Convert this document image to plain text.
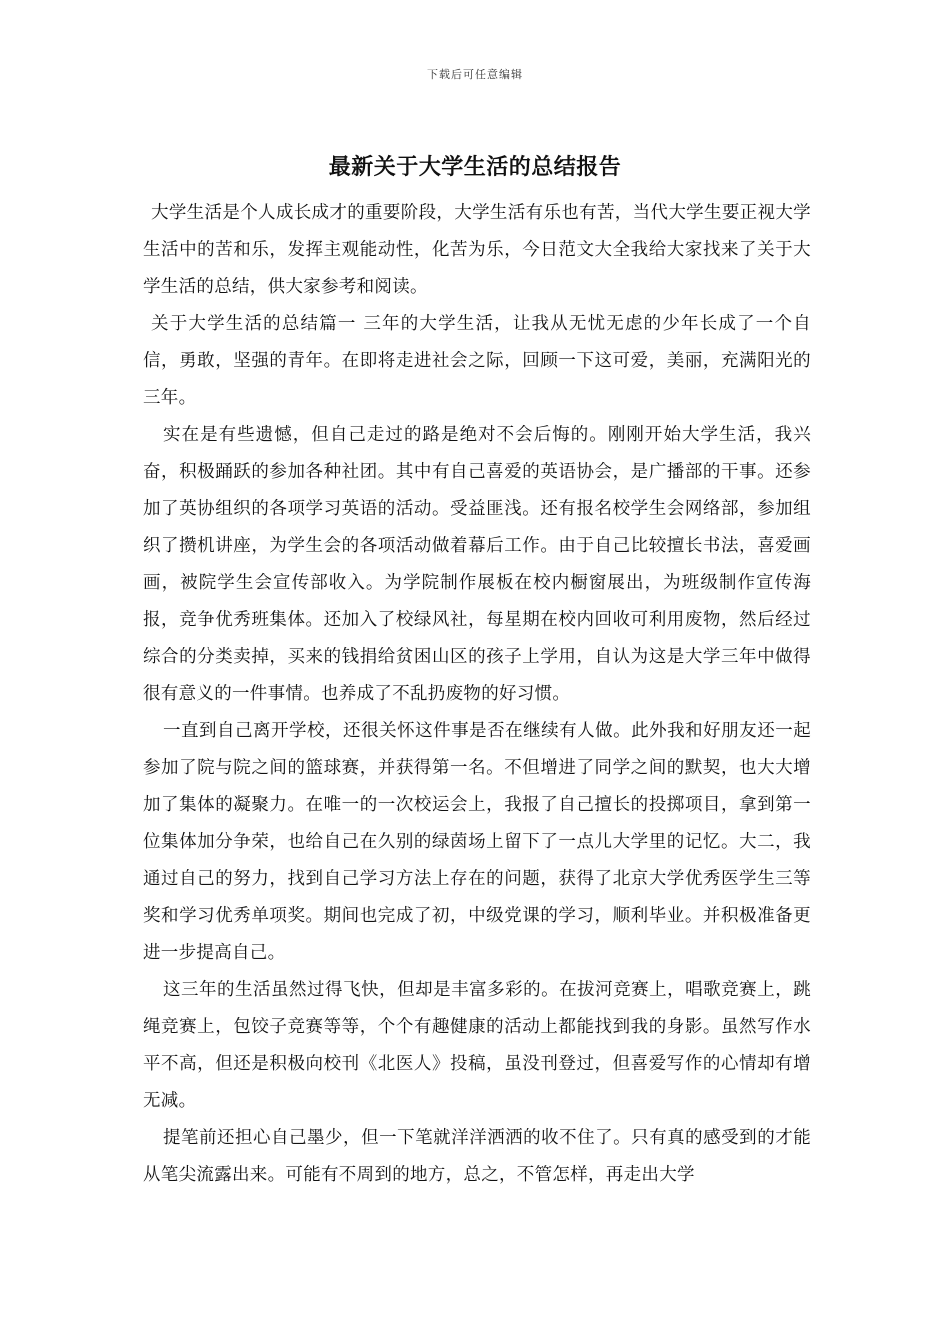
下载后可任意编辑
最新关于大学生活的总结报告

大学生活是个人成长成才的重要阶段，大学生活有乐也有苦，当代大学生要正视大学生活中的苦和乐，发挥主观能动性，化苦为乐，今日范文大全我给大家找来了关于大学生活的总结，供大家参考和阅读。

关于大学生活的总结篇一 三年的大学生活，让我从无忧无虑的少年长成了一个自信，勇敢，坚强的青年。在即将走进社会之际，回顾一下这可爱，美丽，充满阳光的三年。

实在是有些遗憾，但自己走过的路是绝对不会后悔的。刚刚开始大学生活，我兴奋，积极踊跃的参加各种社团。其中有自己喜爱的英语协会，是广播部的干事。还参加了英协组织的各项学习英语的活动。受益匪浅。还有报名校学生会网络部，参加组织了攒机讲座，为学生会的各项活动做着幕后工作。由于自己比较擅长书法，喜爱画画，被院学生会宣传部收入。为学院制作展板在校内橱窗展出，为班级制作宣传海报，竞争优秀班集体。还加入了校绿风社，每星期在校内回收可利用废物，然后经过综合的分类卖掉，买来的钱捐给贫困山区的孩子上学用，自认为这是大学三年中做得很有意义的一件事情。也养成了不乱扔废物的好习惯。

一直到自己离开学校，还很关怀这件事是否在继续有人做。此外我和好朋友还一起参加了院与院之间的篮球赛，并获得第一名。不但增进了同学之间的默契，也大大增加了集体的凝聚力。在唯一的一次校运会上，我报了自己擅长的投掷项目，拿到第一位集体加分争荣，也给自己在久别的绿茵场上留下了一点儿大学里的记忆。大二，我通过自己的努力，找到自己学习方法上存在的问题，获得了北京大学优秀医学生三等奖和学习优秀单项奖。期间也完成了初，中级党课的学习，顺利毕业。并积极准备更进一步提高自己。

这三年的生活虽然过得飞快，但却是丰富多彩的。在拔河竞赛上，唱歌竞赛上，跳绳竞赛上，包饺子竞赛等等，个个有趣健康的活动上都能找到我的身影。虽然写作水平不高，但还是积极向校刊《北医人》投稿，虽没刊登过，但喜爱写作的心情却有增无减。

提笔前还担心自己墨少，但一下笔就洋洋洒洒的收不住了。只有真的感受到的才能从笔尖流露出来。可能有不周到的地方，总之，不管怎样，再走出大学
